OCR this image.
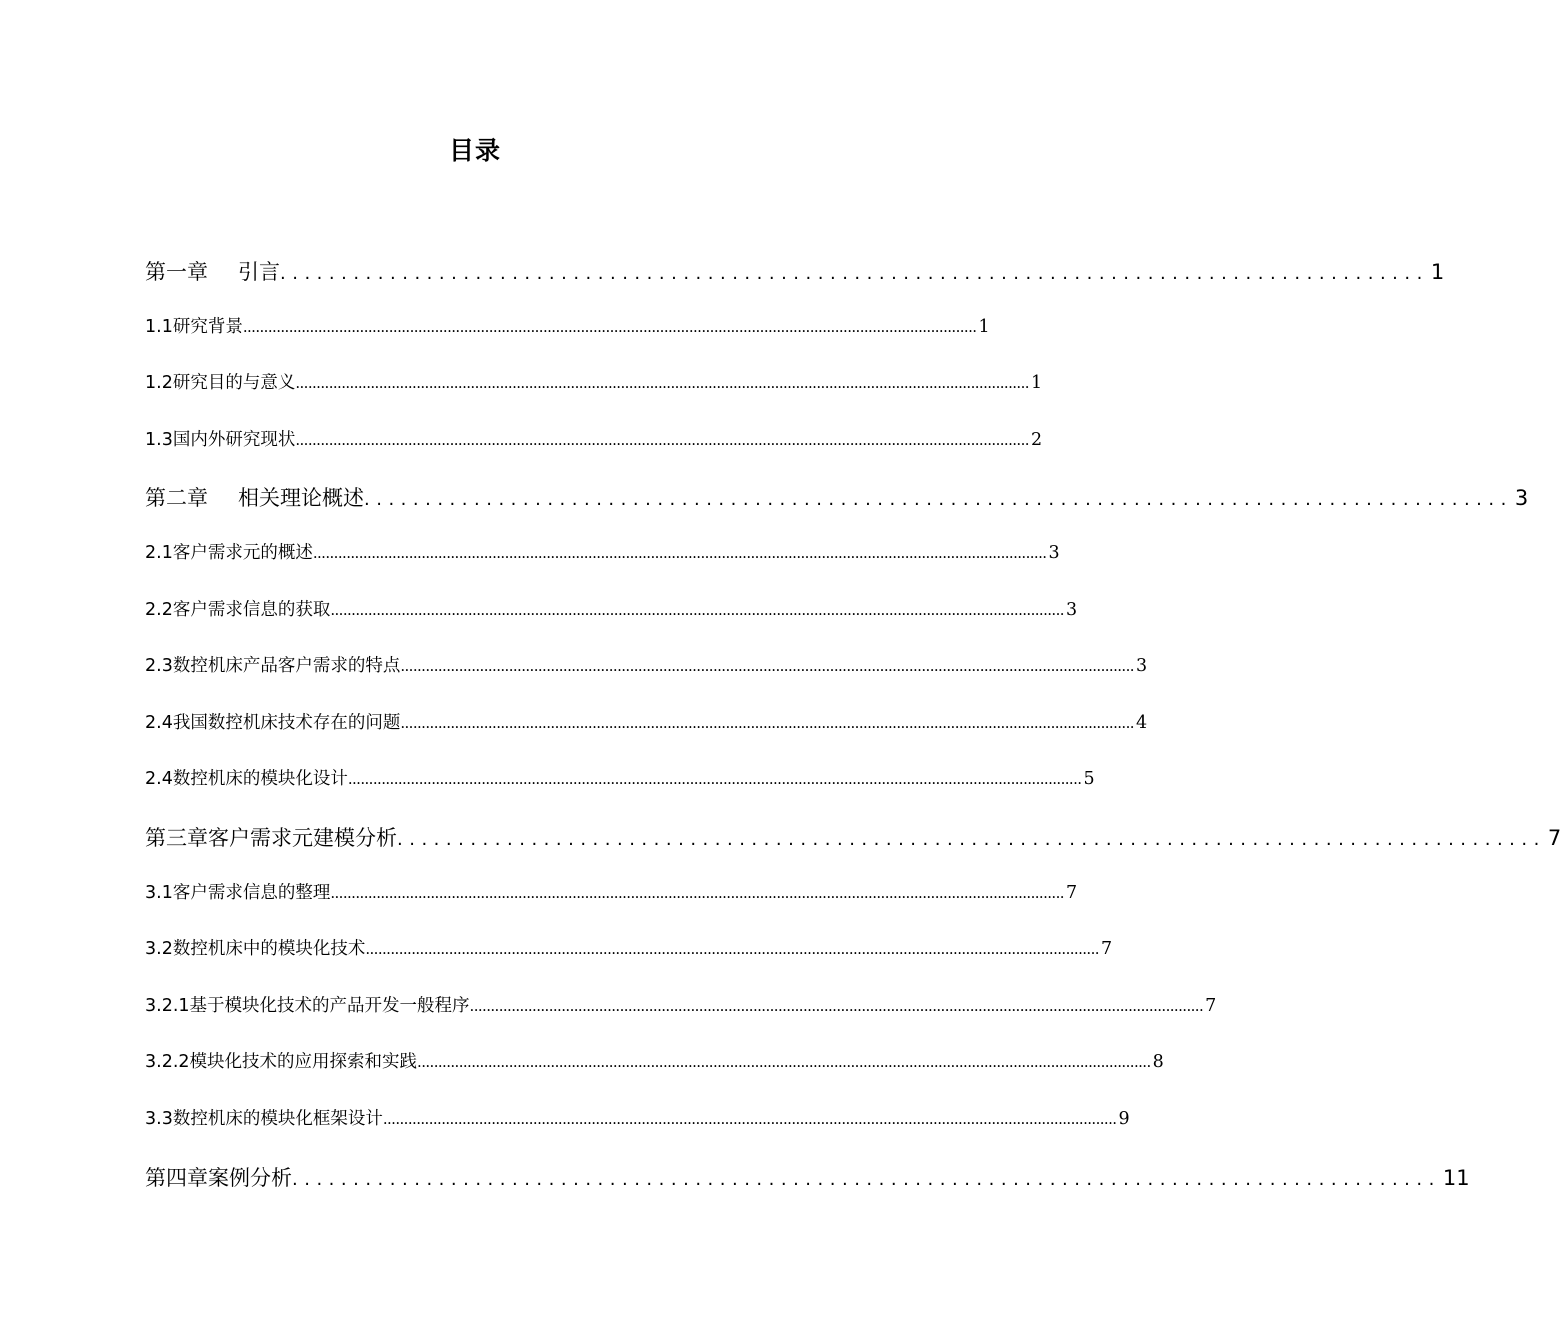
目录
第一章 引言 .............................................................................................. 1
1.1研究背景 ................................................................................................................................................................................ 1
1.2研究目的与意义 ................................................................................................................................................................................ 1
1.3国内外研究现状 ................................................................................................................................................................................ 2
第二章 相关理论概述 .............................................................................................. 3
2.1客户需求元的概述 ................................................................................................................................................................................ 3
2.2客户需求信息的获取 ................................................................................................................................................................................ 3
2.3数控机床产品客户需求的特点 ................................................................................................................................................................................ 3
2.4我国数控机床技术存在的问题 ................................................................................................................................................................................ 4
2.4数控机床的模块化设计 ................................................................................................................................................................................ 5
第三章客户需求元建模分析 .............................................................................................. 7
3.1客户需求信息的整理 ................................................................................................................................................................................ 7
3.2数控机床中的模块化技术 ................................................................................................................................................................................ 7
3.2.1基于模块化技术的产品开发一般程序 ................................................................................................................................................................................ 7
3.2.2模块化技术的应用探索和实践 ................................................................................................................................................................................ 8
3.3数控机床的模块化框架设计 ................................................................................................................................................................................ 9
第四章案例分析 .............................................................................................. 11
